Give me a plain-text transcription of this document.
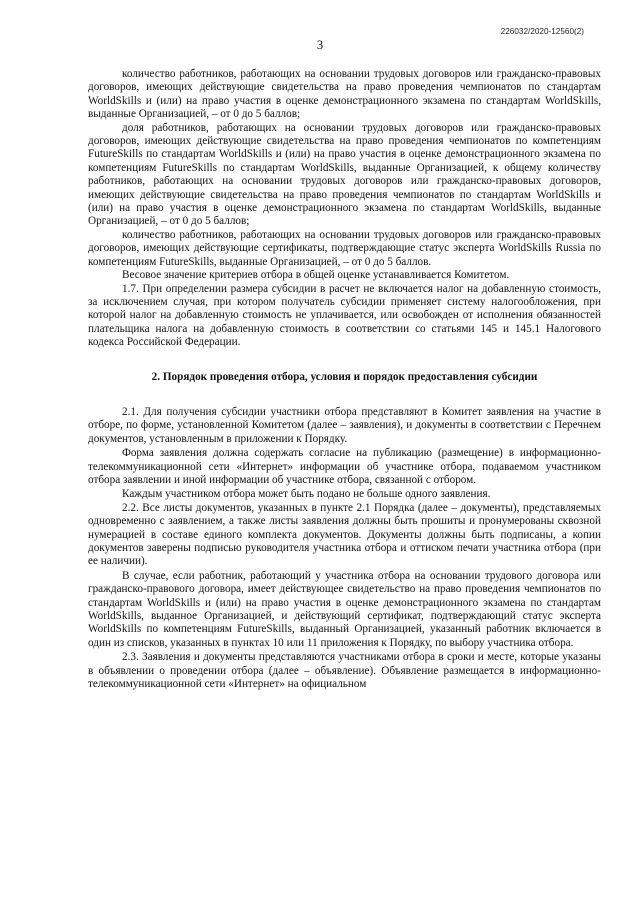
226032/2020-12560(2)
3

количество работников, работающих на основании трудовых договоров или гражданско-правовых договоров, имеющих действующие свидетельства на право проведения чемпионатов по стандартам WorldSkills и (или) на право участия в оценке демонстрационного экзамена по стандартам WorldSkills, выданные Организацией, – от 0 до 5 баллов;

доля работников, работающих на основании трудовых договоров или гражданско-правовых договоров, имеющих действующие свидетельства на право проведения чемпионатов по компетенциям FutureSkills по стандартам WorldSkills и (или) на право участия в оценке демонстрационного экзамена по компетенциям FutureSkills по стандартам WorldSkills, выданные Организацией, к общему количеству работников, работающих на основании трудовых договоров или гражданско-правовых договоров, имеющих действующие свидетельства на право проведения чемпионатов по стандартам WorldSkills и (или) на право участия в оценке демонстрационного экзамена по стандартам WorldSkills, выданные Организацией, – от 0 до 5 баллов;

количество работников, работающих на основании трудовых договоров или гражданско-правовых договоров, имеющих действующие сертификаты, подтверждающие статус эксперта WorldSkills Russia по компетенциям FutureSkills, выданные Организацией, – от 0 до 5 баллов.

Весовое значение критериев отбора в общей оценке устанавливается Комитетом.

1.7. При определении размера субсидии в расчет не включается налог на добавленную стоимость, за исключением случая, при котором получатель субсидии применяет систему налогообложения, при которой налог на добавленную стоимость не уплачивается, или освобожден от исполнения обязанностей плательщика налога на добавленную стоимость в соответствии со статьями 145 и 145.1 Налогового кодекса Российской Федерации.

2. Порядок проведения отбора, условия и порядок предоставления субсидии

2.1. Для получения субсидии участники отбора представляют в Комитет заявления на участие в отборе, по форме, установленной Комитетом (далее – заявления), и документы в соответствии с Перечнем документов, установленным в приложении к Порядку.

Форма заявления должна содержать согласие на публикацию (размещение) в информационно-телекоммуникационной сети «Интернет» информации об участнике отбора, подаваемом участником отбора заявлении и иной информации об участнике отбора, связанной с отбором.

Каждым участником отбора может быть подано не больше одного заявления.

2.2. Все листы документов, указанных в пункте 2.1 Порядка (далее – документы), представляемых одновременно с заявлением, а также листы заявления должны быть прошиты и пронумерованы сквозной нумерацией в составе единого комплекта документов. Документы должны быть подписаны, а копии документов заверены подписью руководителя участника отбора и оттиском печати участника отбора (при ее наличии).

В случае, если работник, работающий у участника отбора на основании трудового договора или гражданско-правового договора, имеет действующее свидетельство на право проведения чемпионатов по стандартам WorldSkills и (или) на право участия в оценке демонстрационного экзамена по стандартам WorldSkills, выданное Организацией, и действующий сертификат, подтверждающий статус эксперта WorldSkills по компетенциям FutureSkills, выданный Организацией, указанный работник включается в один из списков, указанных в пунктах 10 или 11 приложения к Порядку, по выбору участника отбора.

2.3. Заявления и документы представляются участниками отбора в сроки и месте, которые указаны в объявлении о проведении отбора (далее – объявление). Объявление размещается в информационно-телекоммуникационной сети «Интернет» на официальном
